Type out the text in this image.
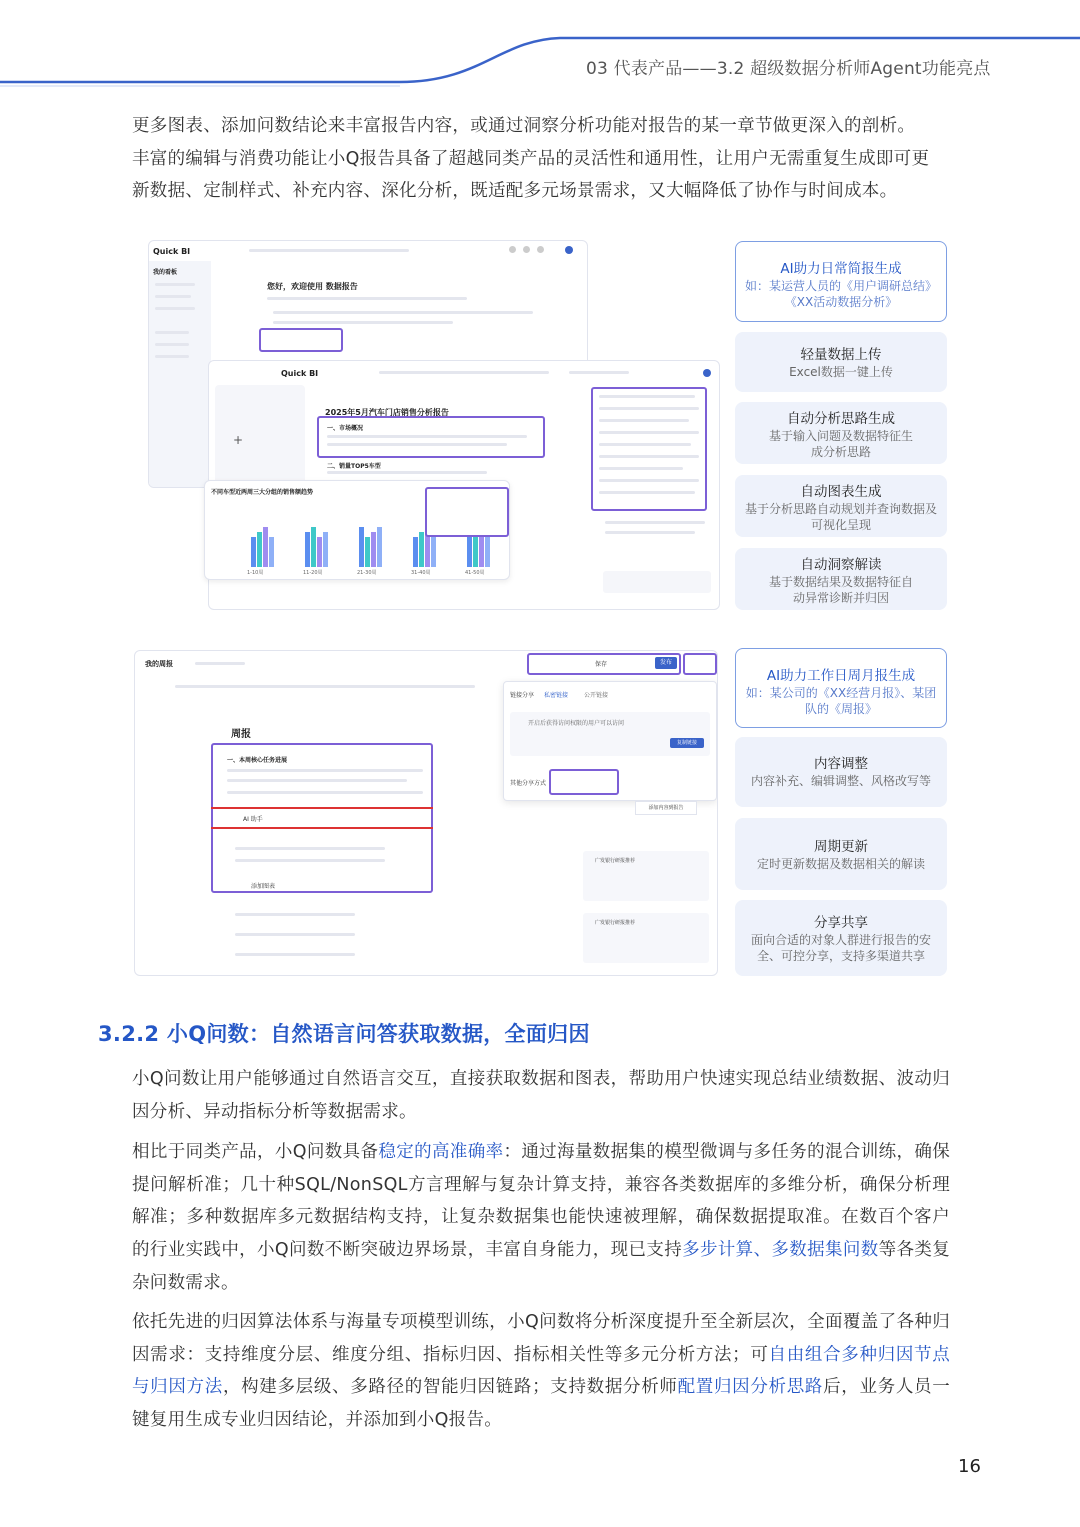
03 代表产品——3.2 超级数据分析师Agent功能亮点
更多图表、添加问数结论来丰富报告内容，或通过洞察分析功能对报告的某一章节做更深入的剖析。
丰富的编辑与消费功能让小Q报告具备了超越同类产品的灵活性和通用性，让用户无需重复生成即可更
新数据、定制样式、补充内容、深化分析，既适配多元场景需求，又大幅降低了协作与时间成本。
Quick BI
我的看板
您好，欢迎使用 数据报告
Quick BI
+
2025年5月汽车门店销售分析报告
一、市场概况
二、销量TOP5车型
不同车型近两周三大分组的销售额趋势
1-10周	11-20周	21-30周	31-40周	41-50周
我的周报	保存	发布
周报
一、本周核心任务进展
AI 助手
添加图表
链接分享 私密链接	公开链接
开启后获得访问权限的用户可以访问
复制链接
其他分享方式
添加内容到报告
广发银行研报推荐
广发银行研报推荐
AI助力日常简报生成
如：某运营人员的《用户调研总结》《XX活动数据分析》
轻量数据上传
Excel数据一键上传
自动分析思路生成
基于输入问题及数据特征生成分析思路
自动图表生成
基于分析思路自动规划并查询数据及可视化呈现
自动洞察解读
基于数据结果及数据特征自动异常诊断并归因
AI助力工作日周月报生成
如：某公司的《XX经营月报》、某团队的《周报》
内容调整
内容补充、编辑调整、风格改写等
周期更新
定时更新数据及数据相关的解读
分享共享
面向合适的对象人群进行报告的安全、可控分享，支持多渠道共享
3.2.2 小Q问数：自然语言问答获取数据，全面归因
小Q问数让用户能够通过自然语言交互，直接获取数据和图表，帮助用户快速实现总结业绩数据、波动归因分析、异动指标分析等数据需求。
相比于同类产品，小Q问数具备稳定的高准确率：通过海量数据集的模型微调与多任务的混合训练，确保提问解析准；几十种SQL/NonSQL方言理解与复杂计算支持，兼容各类数据库的多维分析，确保分析理解准；多种数据库多元数据结构支持，让复杂数据集也能快速被理解，确保数据提取准。在数百个客户的行业实践中，小Q问数不断突破边界场景，丰富自身能力，现已支持多步计算、多数据集问数等各类复杂问数需求。
依托先进的归因算法体系与海量专项模型训练，小Q问数将分析深度提升至全新层次，全面覆盖了各种归因需求：支持维度分层、维度分组、指标归因、指标相关性等多元分析方法；可自由组合多种归因节点与归因方法，构建多层级、多路径的智能归因链路；支持数据分析师配置归因分析思路后，业务人员一键复用生成专业归因结论，并添加到小Q报告。
16
